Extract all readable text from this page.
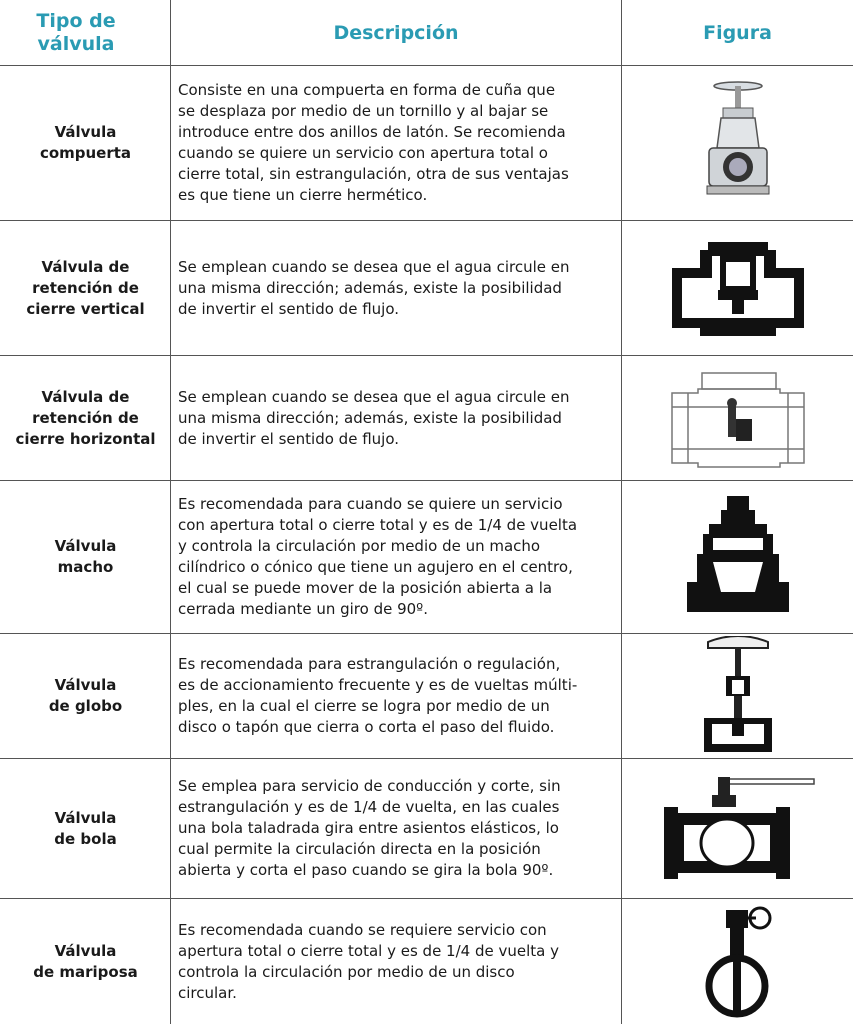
Tipo de
válvula
Descripción	Figura
Válvula
compuerta
Consiste en una compuerta en forma de cuña que
se desplaza por medio de un tornillo y al bajar se
introduce entre dos anillos de latón. Se recomienda
cuando se quiere un servicio con apertura total o
cierre total, sin estrangulación, otra de sus ventajas
es que tiene un cierre hermético.
Válvula de
retención de
cierre vertical
Se emplean cuando se desea que el agua circule en
una misma dirección; además, existe la posibilidad
de invertir el sentido de flujo.
Válvula de
retención de
cierre horizontal
Se emplean cuando se desea que el agua circule en
una misma dirección; además, existe la posibilidad
de invertir el sentido de flujo.
Válvula
macho
Es recomendada para cuando se quiere un servicio
con apertura total o cierre total y es de 1/4 de vuelta
y controla la circulación por medio de un macho
cilíndrico o cónico que tiene un agujero en el centro,
el cual se puede mover de la posición abierta a la
cerrada mediante un giro de 90º.
Válvula
de globo
Es recomendada para estrangulación o regulación,
es de accionamiento frecuente y es de vueltas múlti-
ples, en la cual el cierre se logra por medio de un
disco o tapón que cierra o corta el paso del fluido.
Válvula
de bola
Se emplea para servicio de conducción y corte, sin
estrangulación y es de 1/4 de vuelta, en las cuales
una bola taladrada gira entre asientos elásticos, lo
cual permite la circulación directa en la posición
abierta y corta el paso cuando se gira la bola 90º.
Válvula
de mariposa
Es recomendada cuando se requiere servicio con
apertura total o cierre total y es de 1/4 de vuelta y
controla la circulación por medio de un disco
circular.
